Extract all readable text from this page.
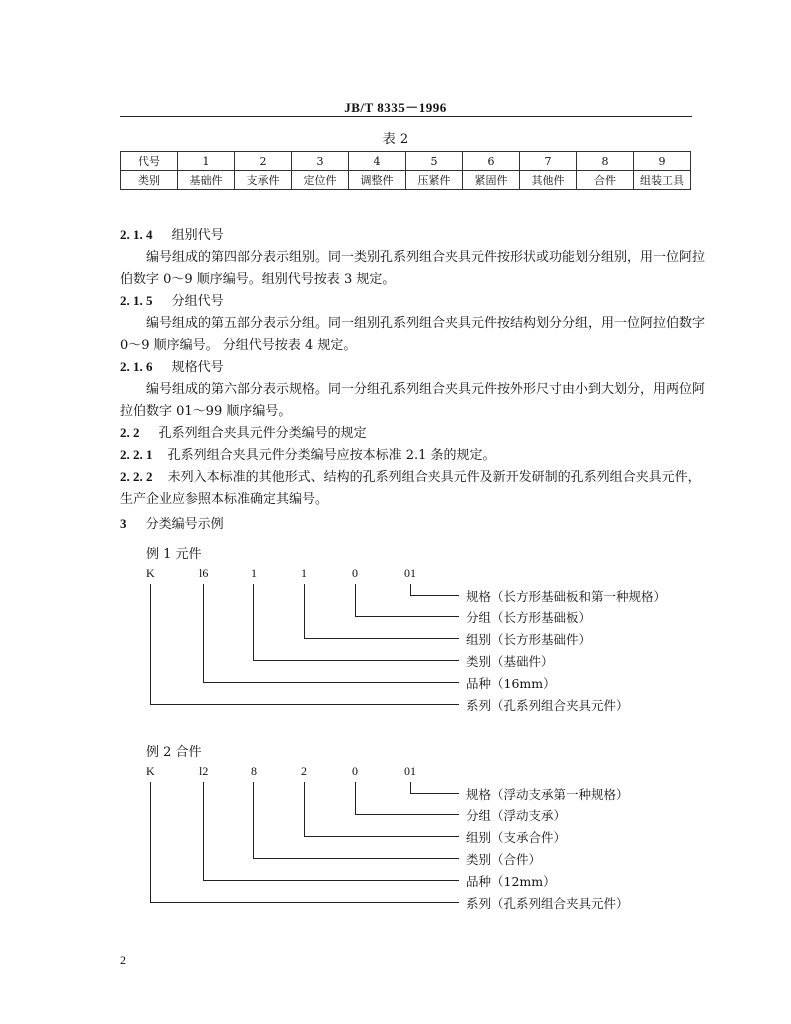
JB/T 8335－1996
表 2
代号	1	2	3	4	5	6	7	8	9
类别	基础件	支承件	定位件	调整件	压紧件	紧固件	其他件	合件	组装工具
2. 1. 4 组别代号
编号组成的第四部分表示组别。同一类别孔系列组合夹具元件按形状或功能划分组别，用一位阿拉
伯数字 0～9 顺序编号。组别代号按表 3 规定。
2. 1. 5 分组代号
编号组成的第五部分表示分组。同一组别孔系列组合夹具元件按结构划分分组，用一位阿拉伯数字
0～9 顺序编号。 分组代号按表 4 规定。
2. 1. 6 规格代号
编号组成的第六部分表示规格。同一分组孔系列组合夹具元件按外形尺寸由小到大划分，用两位阿
拉伯数字 01～99 顺序编号。
2. 2 孔系列组合夹具元件分类编号的规定
2. 2. 1 孔系列组合夹具元件分类编号应按本标准 2.1 条的规定。
2. 2. 2 未列入本标准的其他形式、结构的孔系列组合夹具元件及新开发研制的孔系列组合夹具元件，
生产企业应参照本标准确定其编号。
3 分类编号示例
例 1 元件
K	l6	1	1	0	01
规格（长方形基础板和第一种规格）
分组（长方形基础板）
组别（长方形基础件）
类别（基础件）
品种（16mm）
系列（孔系列组合夹具元件）
例 2 合件
K	l2	8	2	0	01
规格（浮动支承第一种规格）
分组（浮动支承）
组别（支承合件）
类别（合件）
品种（12mm）
系列（孔系列组合夹具元件）
2
